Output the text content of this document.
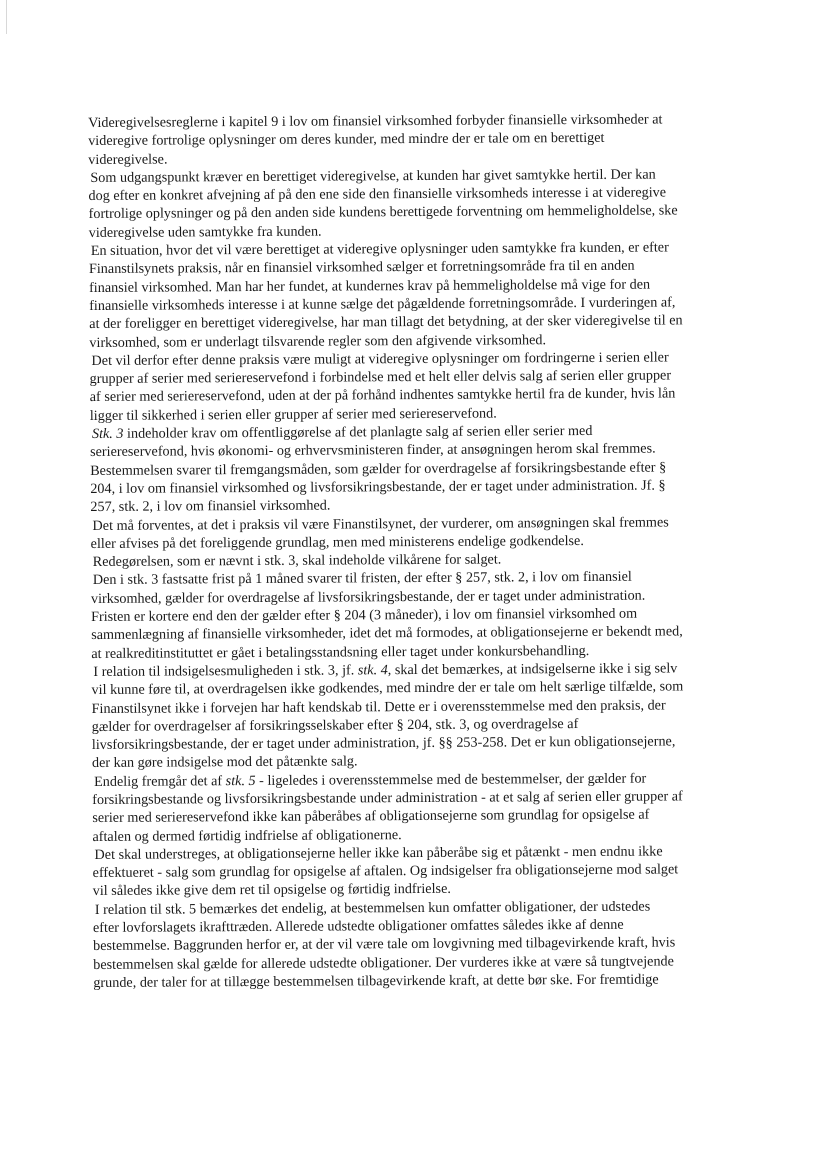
Videregivelsesreglerne i kapitel 9 i lov om finansiel virksomhed forbyder finansielle virksomheder at
videregive fortrolige oplysninger om deres kunder, med mindre der er tale om en berettiget
videregivelse.
Som udgangspunkt kræver en berettiget videregivelse, at kunden har givet samtykke hertil. Der kan
dog efter en konkret afvejning af på den ene side den finansielle virksomheds interesse i at videregive
fortrolige oplysninger og på den anden side kundens berettigede forventning om hemmeligholdelse, ske
videregivelse uden samtykke fra kunden.
En situation, hvor det vil være berettiget at videregive oplysninger uden samtykke fra kunden, er efter
Finanstilsynets praksis, når en finansiel virksomhed sælger et forretningsområde fra til en anden
finansiel virksomhed. Man har her fundet, at kundernes krav på hemmeligholdelse må vige for den
finansielle virksomheds interesse i at kunne sælge det pågældende forretningsområde. I vurderingen af,
at der foreligger en berettiget videregivelse, har man tillagt det betydning, at der sker videregivelse til en
virksomhed, som er underlagt tilsvarende regler som den afgivende virksomhed.
Det vil derfor efter denne praksis være muligt at videregive oplysninger om fordringerne i serien eller
grupper af serier med seriereservefond i forbindelse med et helt eller delvis salg af serien eller grupper
af serier med seriereservefond, uden at der på forhånd indhentes samtykke hertil fra de kunder, hvis lån
ligger til sikkerhed i serien eller grupper af serier med seriereservefond.
Stk. 3 indeholder krav om offentliggørelse af det planlagte salg af serien eller serier med
seriereservefond, hvis økonomi- og erhvervsministeren finder, at ansøgningen herom skal fremmes.
Bestemmelsen svarer til fremgangsmåden, som gælder for overdragelse af forsikringsbestande efter §
204, i lov om finansiel virksomhed og livsforsikringsbestande, der er taget under administration. Jf. §
257, stk. 2, i lov om finansiel virksomhed.
Det må forventes, at det i praksis vil være Finanstilsynet, der vurderer, om ansøgningen skal fremmes
eller afvises på det foreliggende grundlag, men med ministerens endelige godkendelse.
Redegørelsen, som er nævnt i stk. 3, skal indeholde vilkårene for salget.
Den i stk. 3 fastsatte frist på 1 måned svarer til fristen, der efter § 257, stk. 2, i lov om finansiel
virksomhed, gælder for overdragelse af livsforsikringsbestande, der er taget under administration.
Fristen er kortere end den der gælder efter § 204 (3 måneder), i lov om finansiel virksomhed om
sammenlægning af finansielle virksomheder, idet det må formodes, at obligationsejerne er bekendt med,
at realkreditinstituttet er gået i betalingsstandsning eller taget under konkursbehandling.
I relation til indsigelsesmuligheden i stk. 3, jf. stk. 4, skal det bemærkes, at indsigelserne ikke i sig selv
vil kunne føre til, at overdragelsen ikke godkendes, med mindre der er tale om helt særlige tilfælde, som
Finanstilsynet ikke i forvejen har haft kendskab til. Dette er i overensstemmelse med den praksis, der
gælder for overdragelser af forsikringsselskaber efter § 204, stk. 3, og overdragelse af
livsforsikringsbestande, der er taget under administration, jf. §§ 253-258. Det er kun obligationsejerne,
der kan gøre indsigelse mod det påtænkte salg.
Endelig fremgår det af stk. 5 - ligeledes i overensstemmelse med de bestemmelser, der gælder for
forsikringsbestande og livsforsikringsbestande under administration - at et salg af serien eller grupper af
serier med seriereservefond ikke kan påberåbes af obligationsejerne som grundlag for opsigelse af
aftalen og dermed førtidig indfrielse af obligationerne.
Det skal understreges, at obligationsejerne heller ikke kan påberåbe sig et påtænkt - men endnu ikke
effektueret - salg som grundlag for opsigelse af aftalen. Og indsigelser fra obligationsejerne mod salget
vil således ikke give dem ret til opsigelse og førtidig indfrielse.
I relation til stk. 5 bemærkes det endelig, at bestemmelsen kun omfatter obligationer, der udstedes
efter lovforslagets ikrafttræden. Allerede udstedte obligationer omfattes således ikke af denne
bestemmelse. Baggrunden herfor er, at der vil være tale om lovgivning med tilbagevirkende kraft, hvis
bestemmelsen skal gælde for allerede udstedte obligationer. Der vurderes ikke at være så tungtvejende
grunde, der taler for at tillægge bestemmelsen tilbagevirkende kraft, at dette bør ske. For fremtidige
